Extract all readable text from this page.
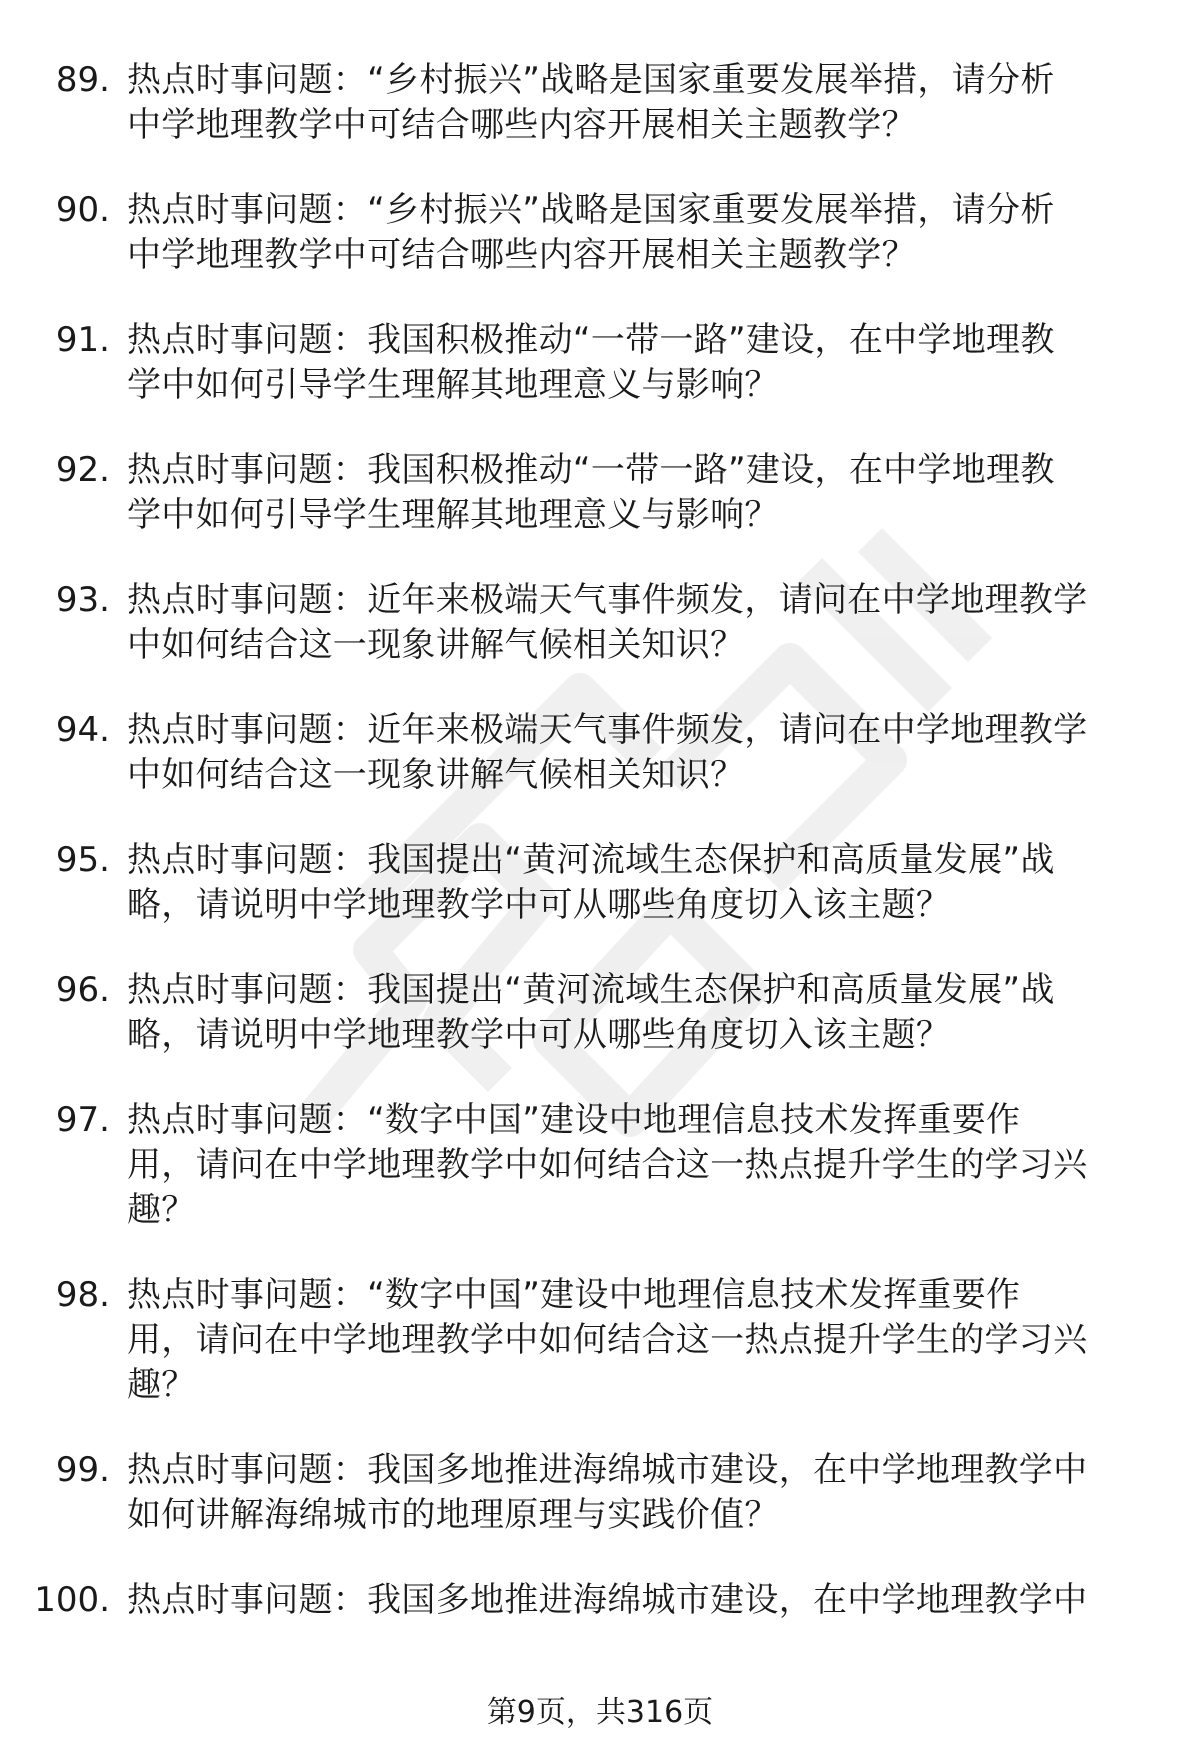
89. 热点时事问题：“乡村振兴”战略是国家重要发展举措，请分析
中学地理教学中可结合哪些内容开展相关主题教学？
90. 热点时事问题：“乡村振兴”战略是国家重要发展举措，请分析
中学地理教学中可结合哪些内容开展相关主题教学？
91. 热点时事问题：我国积极推动“一带一路”建设，在中学地理教
学中如何引导学生理解其地理意义与影响？
92. 热点时事问题：我国积极推动“一带一路”建设，在中学地理教
学中如何引导学生理解其地理意义与影响？
93. 热点时事问题：近年来极端天气事件频发，请问在中学地理教学
中如何结合这一现象讲解气候相关知识？
94. 热点时事问题：近年来极端天气事件频发，请问在中学地理教学
中如何结合这一现象讲解气候相关知识？
95. 热点时事问题：我国提出“黄河流域生态保护和高质量发展”战
略，请说明中学地理教学中可从哪些角度切入该主题？
96. 热点时事问题：我国提出“黄河流域生态保护和高质量发展”战
略，请说明中学地理教学中可从哪些角度切入该主题？
97. 热点时事问题：“数字中国”建设中地理信息技术发挥重要作
用，请问在中学地理教学中如何结合这一热点提升学生的学习兴
趣？
98. 热点时事问题：“数字中国”建设中地理信息技术发挥重要作
用，请问在中学地理教学中如何结合这一热点提升学生的学习兴
趣？
99. 热点时事问题：我国多地推进海绵城市建设，在中学地理教学中
如何讲解海绵城市的地理原理与实践价值？
100. 热点时事问题：我国多地推进海绵城市建设，在中学地理教学中
第9页，共316页
